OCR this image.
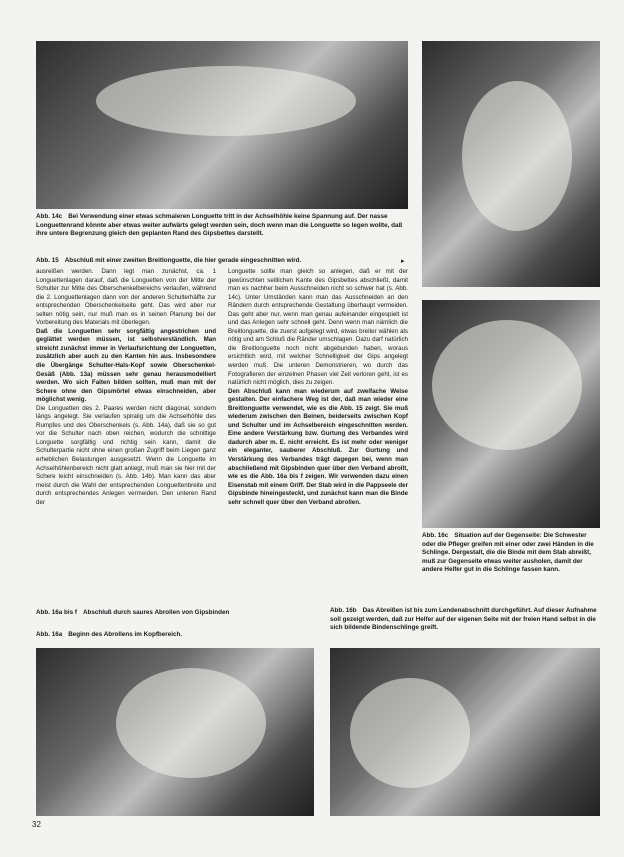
Abb. 14c Bei Verwendung einer etwas schmaleren Longuette tritt in der Achselhöhle keine Spannung auf. Der nasse Longuettenrand könnte aber etwas weiter aufwärts gelegt werden sein, doch wenn man die Longuette so legen wollte, daß ihre untere Begrenzung gleich den geplanten Rand des Gipsbettes darstellt.
Abb. 15 Abschluß mit einer zweiten Breitlonguette, die hier gerade eingeschnitten wird.	▸
Abb. 16c Situation auf der Gegenseite: Die Schwester oder die Pfleger greifen mit einer oder zwei Händen in die Schlinge. Dergestalt, die die Binde mit dem Stab abreißt, muß zur Gegenseite etwas weiter ausholen, damit der andere Helfer gut in die Schlinge fassen kann.
Abb. 16a bis f Abschluß durch saures Abrollen von Gipsbinden
Abb. 16a Beginn des Abrollens im Kopfbereich.
Abb. 16b Das Abreißen ist bis zum Lendenabschnitt durchgeführt. Auf dieser Aufnahme soll gezeigt werden, daß zur Helfer auf der eigenen Seite mit der freien Hand selbst in die sich bildende Bindenschlinge greift.

ausreißen werden. Dann legt man zunächst, ca. 1 Longuettenlagen darauf, daß die Longuetten von der Mitte der Schulter zur Mitte des Oberschenkelbereichs verlaufen, während die 2. Longuettenlagen dann von der anderen Schulterhälfte zur entsprechenden Oberschenkelseite geht. Das wird aber nur selten nötig sein, nur muß man es in seinen Planung bei der Vorbereitung des Materials mit überlegen.

Daß die Longuetten sehr sorgfältig angestrichen und geglättet werden müssen, ist selbstverständlich. Man streicht zunächst immer in Verlaufsrichtung der Longuetten, zusätzlich aber auch zu den Kanten hin aus. Insbesondere die Übergänge Schulter-Hals-Kopf sowie Oberschenkel-Gesäß (Abb. 13a) müssen sehr genau herausmodelliert werden. Wo sich Falten bilden sollten, muß man mit der Schere ohne den Gipsmörtel etwas einschneiden, aber möglichst wenig.

Die Longuetten des 2. Paares werden nicht diagonal, sondern längs angelegt. Sie verlaufen spiralig um die Achselhöhle des Rumpfes und des Oberschenkels (s. Abb. 14a), daß sie so gut vor die Schulter nach oben reichen, wodurch die schnittige Longuette sorgfältig und richtig sein kann, damit die Schulterpartie nicht ohne einen großen Zugriff beim Liegen ganz erheblichen Belastungen ausgesetzt. Wenn die Longuette im Achselhöhlenbereich nicht glatt anliegt, muß man sie hier mit der Schere leicht einschneiden (s. Abb. 14b). Man kann das aber meist durch die Wahl der entsprechenden Longuettenbreite und durch entsprechendes Anlegen vermeiden. Den unteren Rand der

Longuette sollte man gleich so anlegen, daß er mit der gewünschten seitlichen Kante des Gipsbettes abschließt, damit man es nachher beim Ausschneiden nicht so schwer hat (s. Abb. 14c). Unter Umständen kann man das Ausschneiden an den Rändern durch entsprechende Gestaltung überhaupt vermeiden. Das geht aber nur, wenn man genau aufeinander eingespielt ist und das Anlegen sehr schnell geht. Denn wenn man nämlich die Breitlonguette, die zuerst aufgelegt wird, etwas breiter wählen als nötig und am Schluß die Ränder umschlagen. Dazu darf natürlich die Breitlonguette noch nicht abgebunden haben, woraus ersichtlich wird, mit welcher Schnelligkeit der Gips angelegt werden muß. Die unteren Demonstrieren, wo durch das Fotografieren der einzelnen Phasen viel Zeit verloren geht, ist es natürlich nicht möglich, dies zu zeigen.

Den Abschluß kann man wiederum auf zweifache Weise gestalten. Der einfachere Weg ist der, daß man wieder eine Breitlonguette verwendet, wie es die Abb. 15 zeigt. Sie muß wiederum zwischen den Beinen, beiderseits zwischen Kopf und Schulter und im Achselbereich eingeschnitten werden. Eine andere Verstärkung bzw. Gurtung des Verbandes wird dadurch aber m. E. nicht erreicht. Es ist mehr oder weniger ein eleganter, sauberer Abschluß. Zur Gurtung und Verstärkung des Verbandes trägt dagegen bei, wenn man abschließend mit Gipsbinden quer über den Verband abrollt, wie es die Abb. 16a bis f zeigen. Wir verwenden dazu einen Eisenstab mit einem Griff. Der Stab wird in die Pappseele der Gipsbinde hineingesteckt, und zunächst kann man die Binde sehr schnell quer über den Verband abrollen.

32
